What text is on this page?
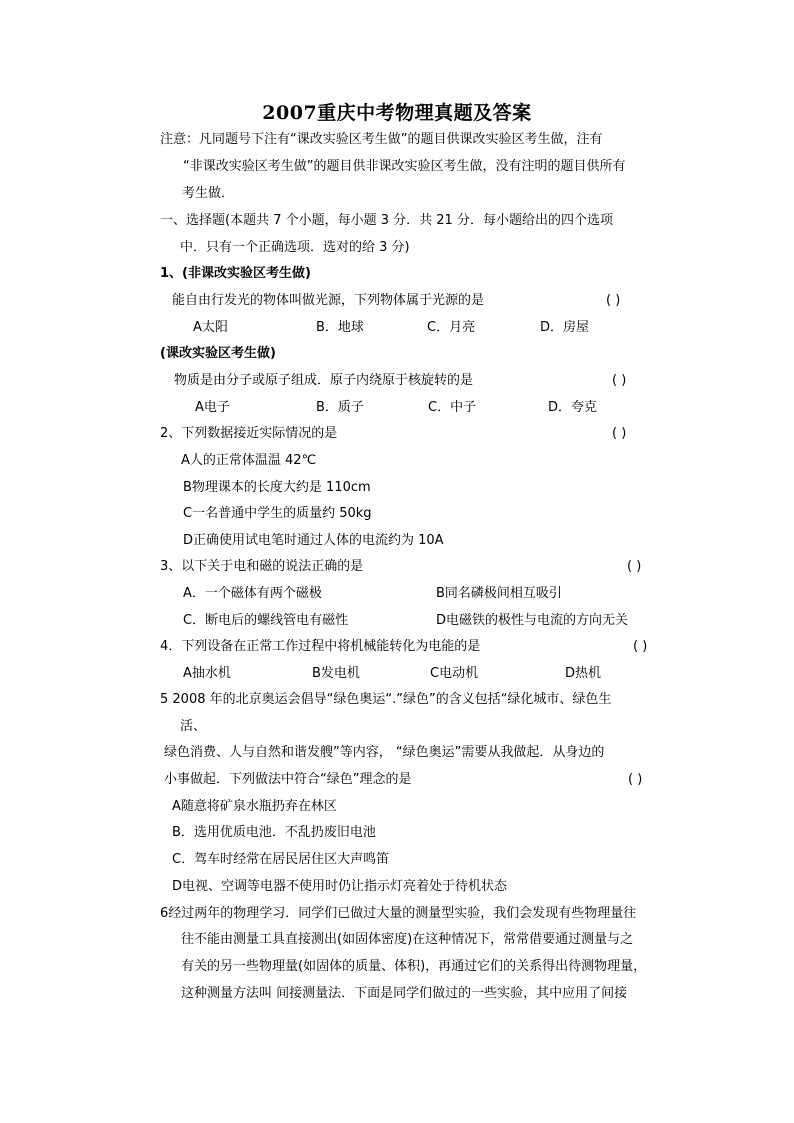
2007重庆中考物理真题及答案
注意：凡同题号下注有“课改实验区考生做”的题目供课改实验区考生做，注有
“非课改实验区考生做”的题目供非课改实验区考生做，没有注明的题目供所有
考生做．
一、选择题(本题共 7 个小题，每小题 3 分．共 21 分．每小题给出的四个选项
中．只有一个正确选项．选对的给 3 分)
1、(非课改实验区考生做)
能自由行发光的物体叫做光源，下列物体属于光源的是	( )
A太阳	B．地球	C．月亮	D．房屋
(课改实验区考生做)
物质是由分子或原子组成．原子内绕原于核旋转的是	( )
A电子	B．质子	C．中子	D．夸克
2、下列数据接近实际情况的是	( )
A人的正常体温温 42℃
B物理课本的长度大约是 110cm
C一名普通中学生的质量约 50kg
D正确使用试电笔时通过人体的电流约为 10A
3、以下关于电和磁的说法正确的是	( )
A．一个磁体有两个磁极	B同名磷极间相互吸引
C．断电后的螺线管电有磁性	D电磁铁的极性与电流的方向无关
4．下列设备在正常工作过程中将机械能转化为电能的是	( )
A抽水机	B发电机	C电动机	D热机
5 2008 年的北京奥运会倡导“绿色奥运“.”绿色”的含义包括“绿化城市、绿色生
活、
绿色消费、人与自然和谐发艘”等内容， “绿色奥运”需要从我做起．从身边的
小事做起．下列做法中符合“绿色”理念的是	( )
A随意将矿泉水瓶扔弃在林区
B．选用优质电池．不乱扔废旧电池
C．驾车时经常在居民居住区大声鸣笛
D电视、空调等电器不使用时仍让指示灯亮着处于待机状态
6经过两年的物理学习．同学们已做过大量的测量型实验，我们会发现有些物理量往
往不能由测量工具直接测出(如固体密度)在这种情况下，常常借要通过测量与之
有关的另一些物理量(如固体的质量、体积)，再通过它们的关系得出待测物理量，
这种测量方法叫 间接测量法．下面是同学们做过的一些实验，其中应用了间接
